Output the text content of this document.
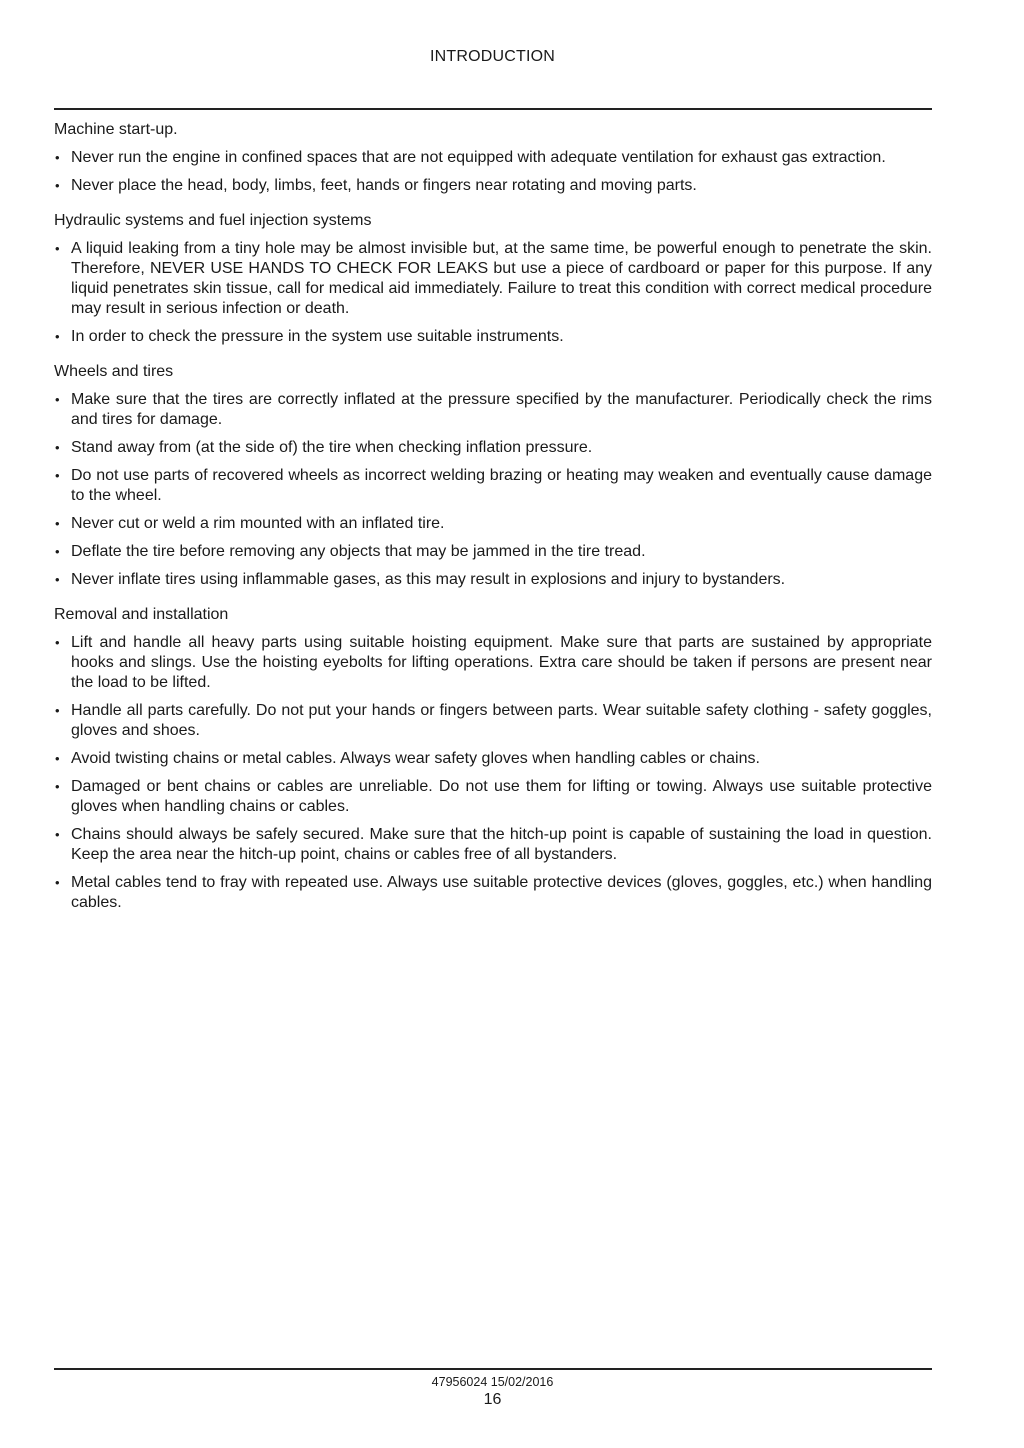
INTRODUCTION
Machine start-up.
• Never run the engine in confined spaces that are not equipped with adequate ventilation for exhaust gas extraction.
• Never place the head, body, limbs, feet, hands or fingers near rotating and moving parts.
Hydraulic systems and fuel injection systems
• A liquid leaking from a tiny hole may be almost invisible but, at the same time, be powerful enough to penetrate the skin. Therefore, NEVER USE HANDS TO CHECK FOR LEAKS but use a piece of cardboard or paper for this purpose. If any liquid penetrates skin tissue, call for medical aid immediately. Failure to treat this condition with correct medical procedure may result in serious infection or death.
• In order to check the pressure in the system use suitable instruments.
Wheels and tires
• Make sure that the tires are correctly inflated at the pressure specified by the manufacturer. Periodically check the rims and tires for damage.
• Stand away from (at the side of) the tire when checking inflation pressure.
• Do not use parts of recovered wheels as incorrect welding brazing or heating may weaken and eventually cause damage to the wheel.
• Never cut or weld a rim mounted with an inflated tire.
• Deflate the tire before removing any objects that may be jammed in the tire tread.
• Never inflate tires using inflammable gases, as this may result in explosions and injury to bystanders.
Removal and installation
• Lift and handle all heavy parts using suitable hoisting equipment. Make sure that parts are sustained by appropriate hooks and slings. Use the hoisting eyebolts for lifting operations. Extra care should be taken if persons are present near the load to be lifted.
• Handle all parts carefully. Do not put your hands or fingers between parts. Wear suitable safety clothing - safety goggles, gloves and shoes.
• Avoid twisting chains or metal cables. Always wear safety gloves when handling cables or chains.
• Damaged or bent chains or cables are unreliable. Do not use them for lifting or towing. Always use suitable protective gloves when handling chains or cables.
• Chains should always be safely secured. Make sure that the hitch-up point is capable of sustaining the load in question. Keep the area near the hitch-up point, chains or cables free of all bystanders.
• Metal cables tend to fray with repeated use. Always use suitable protective devices (gloves, goggles, etc.) when handling cables.
47956024 15/02/2016
16
